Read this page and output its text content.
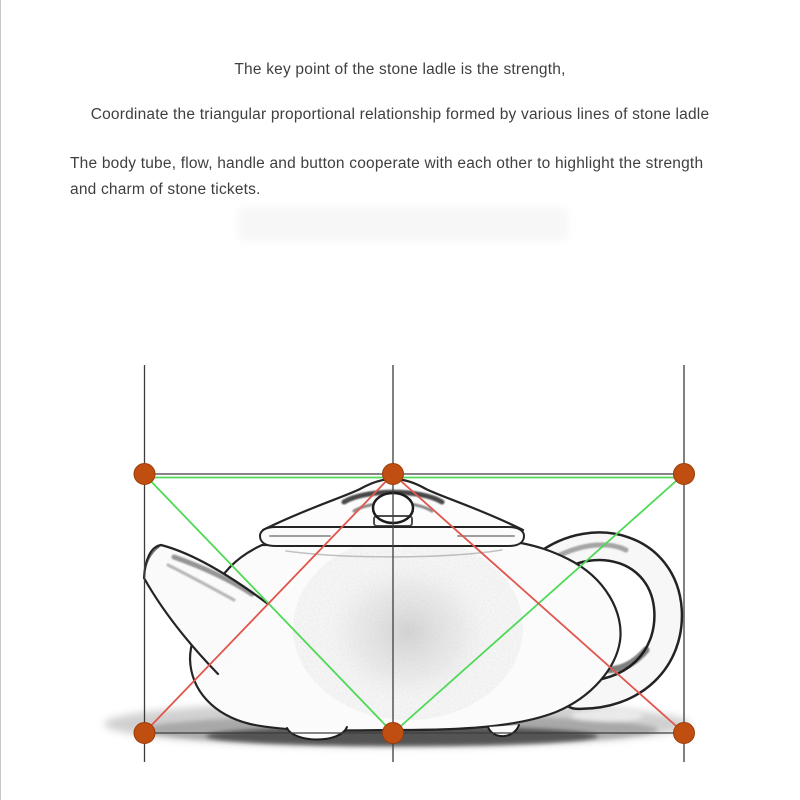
The key point of the stone ladle is the strength,
Coordinate the triangular proportional relationship formed by various lines of stone ladle
The body tube, flow, handle and button cooperate with each other to highlight the strength
and charm of stone tickets.
